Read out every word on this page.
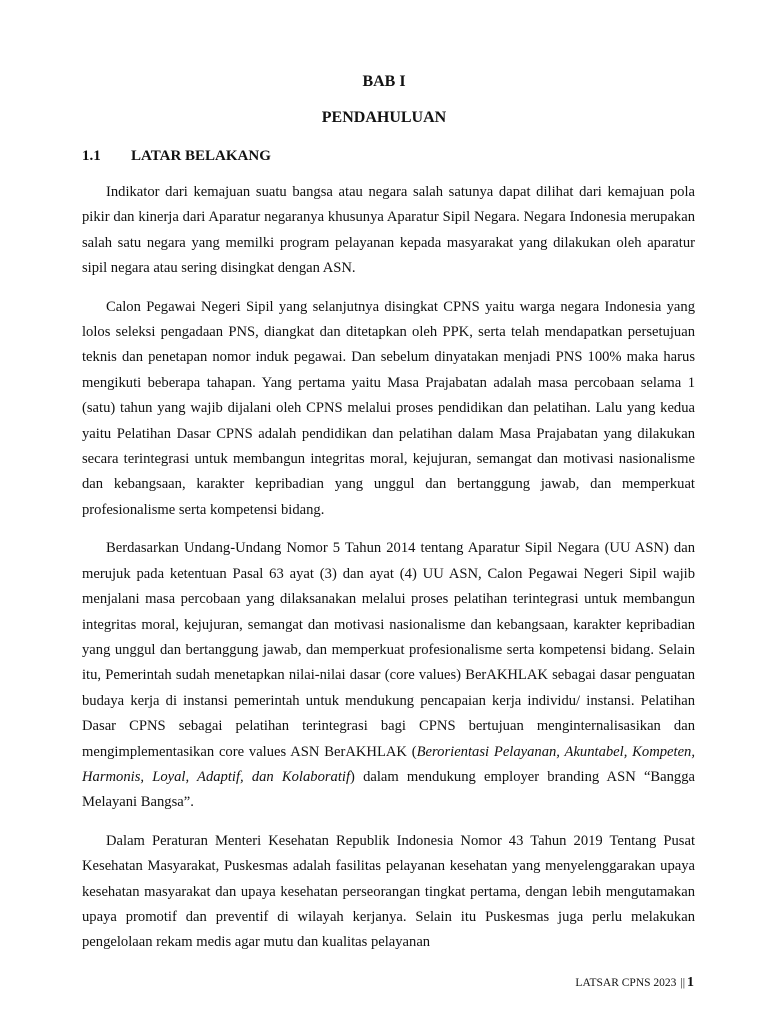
BAB I
PENDAHULUAN
1.1 LATAR BELAKANG

Indikator dari kemajuan suatu bangsa atau negara salah satunya dapat dilihat dari kemajuan pola pikir dan kinerja dari Aparatur negaranya khusunya Aparatur Sipil Negara. Negara Indonesia merupakan salah satu negara yang memilki program pelayanan kepada masyarakat yang dilakukan oleh aparatur sipil negara atau sering disingkat dengan ASN.

Calon Pegawai Negeri Sipil yang selanjutnya disingkat CPNS yaitu warga negara Indonesia yang lolos seleksi pengadaan PNS, diangkat dan ditetapkan oleh PPK, serta telah mendapatkan persetujuan teknis dan penetapan nomor induk pegawai. Dan sebelum dinyatakan menjadi PNS 100% maka harus mengikuti beberapa tahapan. Yang pertama yaitu Masa Prajabatan adalah masa percobaan selama 1 (satu) tahun yang wajib dijalani oleh CPNS melalui proses pendidikan dan pelatihan. Lalu yang kedua yaitu Pelatihan Dasar CPNS adalah pendidikan dan pelatihan dalam Masa Prajabatan yang dilakukan secara terintegrasi untuk membangun integritas moral, kejujuran, semangat dan motivasi nasionalisme dan kebangsaan, karakter kepribadian yang unggul dan bertanggung jawab, dan memperkuat profesionalisme serta kompetensi bidang.

Berdasarkan Undang-Undang Nomor 5 Tahun 2014 tentang Aparatur Sipil Negara (UU ASN) dan merujuk pada ketentuan Pasal 63 ayat (3) dan ayat (4) UU ASN, Calon Pegawai Negeri Sipil wajib menjalani masa percobaan yang dilaksanakan melalui proses pelatihan terintegrasi untuk membangun integritas moral, kejujuran, semangat dan motivasi nasionalisme dan kebangsaan, karakter kepribadian yang unggul dan bertanggung jawab, dan memperkuat profesionalisme serta kompetensi bidang. Selain itu, Pemerintah sudah menetapkan nilai-nilai dasar (core values) BerAKHLAK sebagai dasar penguatan budaya kerja di instansi pemerintah untuk mendukung pencapaian kerja individu/ instansi. Pelatihan Dasar CPNS sebagai pelatihan terintegrasi bagi CPNS bertujuan menginternalisasikan dan mengimplementasikan core values ASN BerAKHLAK (Berorientasi Pelayanan, Akuntabel, Kompeten, Harmonis, Loyal, Adaptif, dan Kolaboratif) dalam mendukung employer branding ASN “Bangga Melayani Bangsa”.

Dalam Peraturan Menteri Kesehatan Republik Indonesia Nomor 43 Tahun 2019 Tentang Pusat Kesehatan Masyarakat, Puskesmas adalah fasilitas pelayanan kesehatan yang menyelenggarakan upaya kesehatan masyarakat dan upaya kesehatan perseorangan tingkat pertama, dengan lebih mengutamakan upaya promotif dan preventif di wilayah kerjanya. Selain itu Puskesmas juga perlu melakukan pengelolaan rekam medis agar mutu dan kualitas pelayanan

LATSAR CPNS 2023 || 1
